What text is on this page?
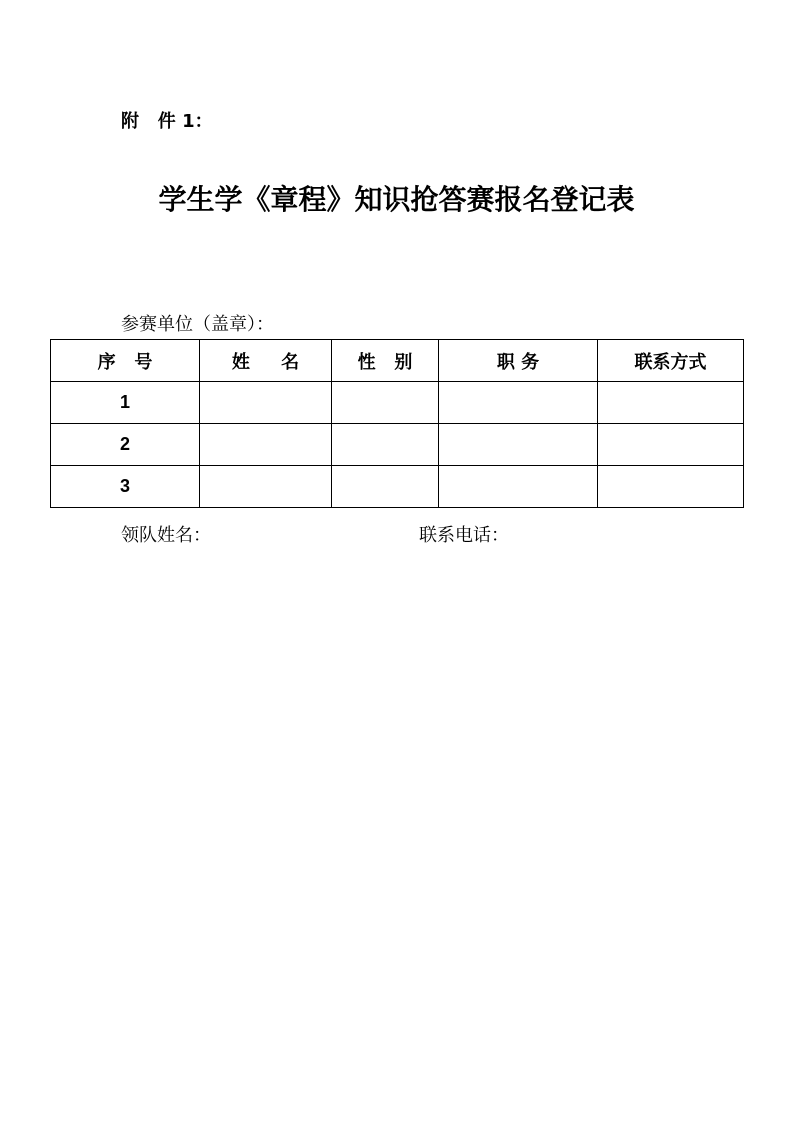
附   件 1：
学生学《章程》知识抢答赛报名登记表
参赛单位（盖章）：
序   号	姓     名	性   别	职 务	联系方式
1				
2				
3				
领队姓名：	联系电话：
